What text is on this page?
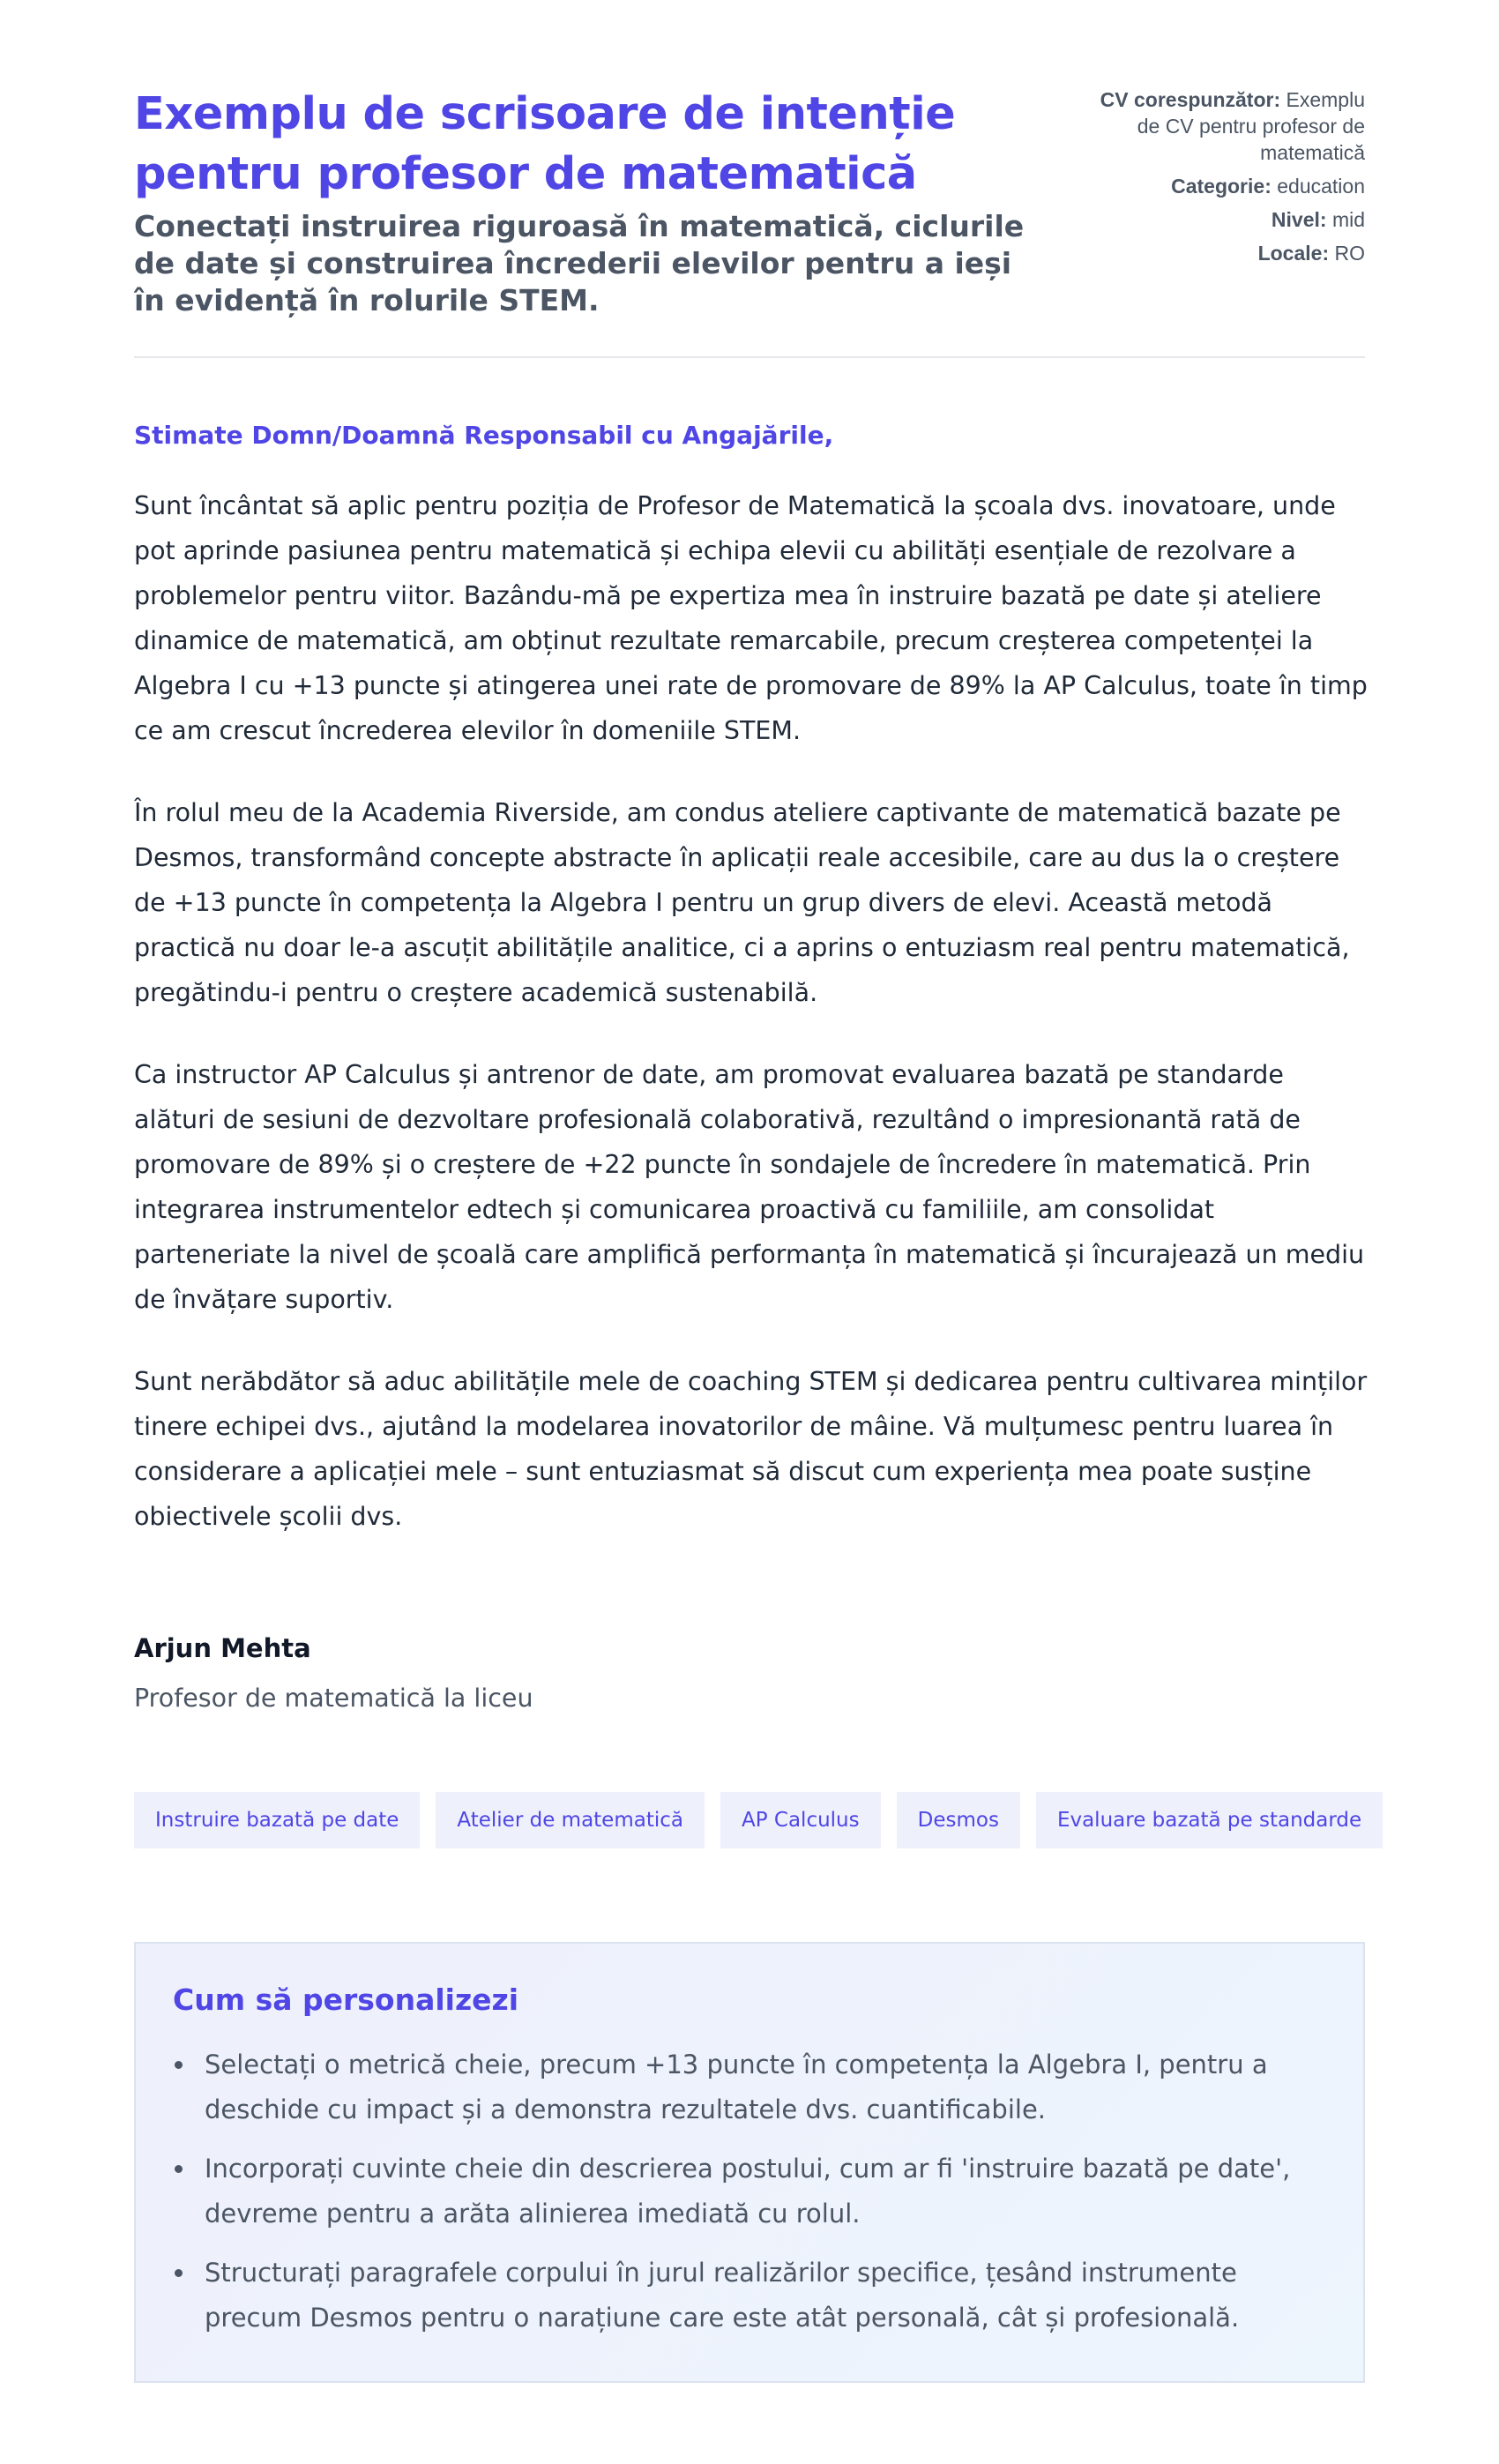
Exemplu de scrisoare de intenție pentru profesor de matematică
Conectați instruirea riguroasă în matematică, ciclurile de date și construirea încrederii elevilor pentru a ieși în evidență în rolurile STEM.
CV corespunzător: Exemplu de CV pentru profesor de matematică
Categorie: education
Nivel: mid
Locale: RO

Stimate Domn/Doamnă Responsabil cu Angajările,

Sunt încântat să aplic pentru poziția de Profesor de Matematică la școala dvs. inovatoare, unde pot aprinde pasiunea pentru matematică și echipa elevii cu abilități esențiale de rezolvare a problemelor pentru viitor. Bazându-mă pe expertiza mea în instruire bazată pe date și ateliere dinamice de matematică, am obținut rezultate remarcabile, precum creșterea competenței la Algebra I cu +13 puncte și atingerea unei rate de promovare de 89% la AP Calculus, toate în timp ce am crescut încrederea elevilor în domeniile STEM.

În rolul meu de la Academia Riverside, am condus ateliere captivante de matematică bazate pe Desmos, transformând concepte abstracte în aplicații reale accesibile, care au dus la o creștere de +13 puncte în competența la Algebra I pentru un grup divers de elevi. Această metodă practică nu doar le-a ascuțit abilitățile analitice, ci a aprins o entuziasm real pentru matematică, pregătindu-i pentru o creștere academică sustenabilă.

Ca instructor AP Calculus și antrenor de date, am promovat evaluarea bazată pe standarde alături de sesiuni de dezvoltare profesională colaborativă, rezultând o impresionantă rată de promovare de 89% și o creștere de +22 puncte în sondajele de încredere în matematică. Prin integrarea instrumentelor edtech și comunicarea proactivă cu familiile, am consolidat parteneriate la nivel de școală care amplifică performanța în matematică și încurajează un mediu de învățare suportiv.

Sunt nerăbdător să aduc abilitățile mele de coaching STEM și dedicarea pentru cultivarea minților tinere echipei dvs., ajutând la modelarea inovatorilor de mâine. Vă mulțumesc pentru luarea în considerare a aplicației mele – sunt entuziasmat să discut cum experiența mea poate susține obiectivele școlii dvs.

Arjun Mehta

Profesor de matematică la liceu

Instruire bazată pe date	Atelier de matematică	AP Calculus	Desmos	Evaluare bazată pe standarde
Cum să personalizezi
Selectați o metrică cheie, precum +13 puncte în competența la Algebra I, pentru a deschide cu impact și a demonstra rezultatele dvs. cuantificabile.
Incorporați cuvinte cheie din descrierea postului, cum ar fi 'instruire bazată pe date', devreme pentru a arăta alinierea imediată cu rolul.
Structurați paragrafele corpului în jurul realizărilor specifice, țesând instrumente precum Desmos pentru o narațiune care este atât personală, cât și profesională.
